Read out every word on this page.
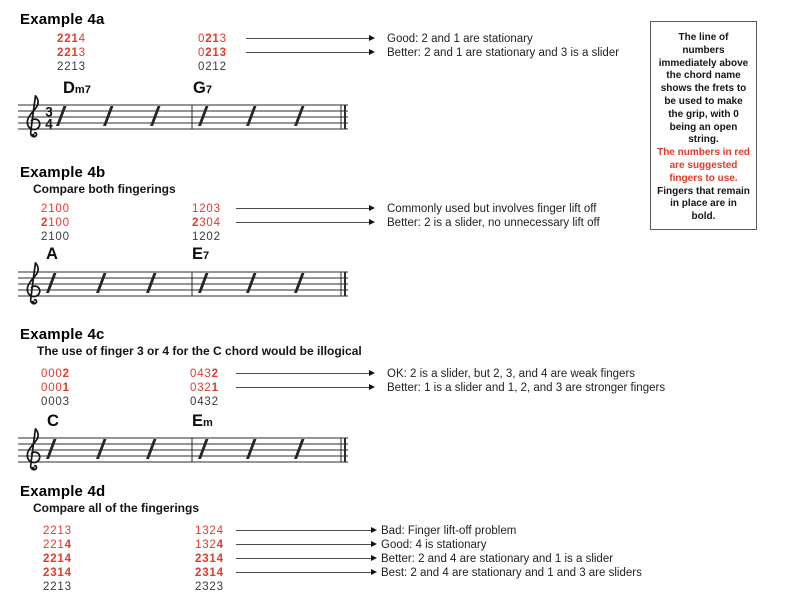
Example 4a
2214	0213	Good: 2 and 1 are stationary
2213	0213	Better: 2 and 1 are stationary and 3 is a slider
2213	0212
Dm7	G7
3
4
Example 4b
Compare both fingerings
2100	1203	Commonly used but involves finger lift off
2100	2304	Better: 2 is a slider, no unnecessary lift off
2100	1202
A	E7
Example 4c
The use of finger 3 or 4 for the C chord would be illogical
0002	0432	OK: 2 is a slider, but 2, 3, and 4 are weak fingers
0001	0321	Better: 1 is a slider and 1, 2, and 3 are stronger fingers
0003	0432
C	Em
Example 4d
Compare all of the fingerings
2213	1324	Bad: Finger lift-off problem
2214	1324	Good: 4 is stationary
2214	2314	Better: 2 and 4 are stationary and 1 is a slider
2314	2314	Best: 2 and 4 are stationary and 1 and 3 are sliders
2213	2323

The line of numbers immediately above the chord name shows the frets to be used to make the grip, with 0 being an open string.

The numbers in red are suggested fingers to use.

Fingers that remain in place are in bold.
